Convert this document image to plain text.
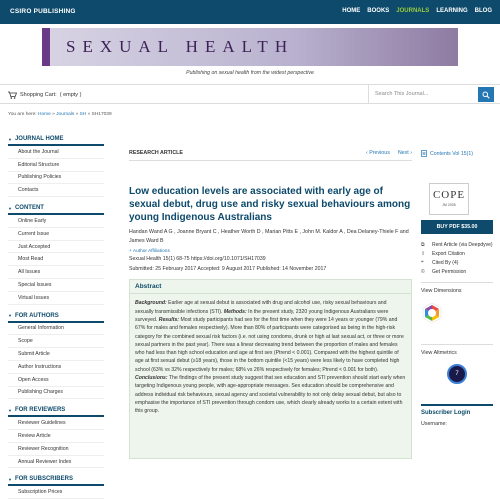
CSIRO PUBLISHING	HOME BOOKS JOURNALS LEARNING BLOG
SEXUAL HEALTH
Publishing on sexual health from the widest perspective
Shopping Cart: ( empty )	Search This Journal...
You are here: Home » Journals » SH » SH17039
▼ JOURNAL HOME
About the Journal
Editorial Structure
Publishing Policies
Contacts
▼ CONTENT
Online Early
Current Issue
Just Accepted
Most Read
All Issues
Special Issues
Virtual Issues
▼ FOR AUTHORS
General Information
Scope
Submit Article
Author Instructions
Open Access
Publishing Charges
▼ FOR REVIEWERS
Reviewer Guidelines
Review Article
Reviewer Recognition
Annual Reviewer Index
▼ FOR SUBSCRIBERS
Subscription Prices
RESEARCH ARTICLE	‹ Previous Next ›
Low education levels are associated with early age of sexual debut, drug use and risky sexual behaviours among young Indigenous Australians
Handan Wand A G , Joanne Bryant C , Heather Worth D , Marian Pitts E , John M. Kaldor A , Dea Delaney-Thiele F and James Ward B
+ Author Affiliations
Sexual Health 15(1) 68-75 https://doi.org/10.1071/SH17039
Submitted: 25 February 2017 Accepted: 9 August 2017 Published: 14 November 2017
Abstract
Background: Earlier age at sexual debut is associated with drug and alcohol use, risky sexual behaviours and sexually transmissible infections (STI). Methods: In the present study, 2320 young Indigenous Australians were surveyed. Results: Most study participants had sex for the first time when they were 14 years or younger (79% and 67% for males and females respectively). More than 80% of participants were categorised as being in the high-risk category for the combined sexual risk factors (i.e. not using condoms, drunk or high at last sexual act, or three or more sexual partners in the past year). There was a linear decreasing trend between the proportion of males and females who had less than high school education and age at first sex (Ptrend < 0.001). Compared with the highest quintile of age at first sexual debut (≥18 years), those in the bottom quintile (<15 years) were less likely to have completed high school (63% vs 32% respectively for males; 68% vs 26% respectively for females; Ptrend < 0.001 for both). Conclusions: The findings of the present study suggest that sex education and STI prevention should start early when targeting Indigenous young people, with age-appropriate messages. Sex education should be comprehensive and address individual risk behaviours, sexual agency and societal vulnerability to not only delay sexual debut, but also to emphasise the importance of STI prevention through condom use, which clearly already works to a certain extent with this group.
Contents Vol 15(1)
COPE
JM 2005
BUY PDF $35.00
⧉	Rent Article (via Deepdyve)
⇪	Export Citation
❝	Cited By (4)
©	Get Permission
View Dimensions
View Altmetrics
7
Subscriber Login
Username:
